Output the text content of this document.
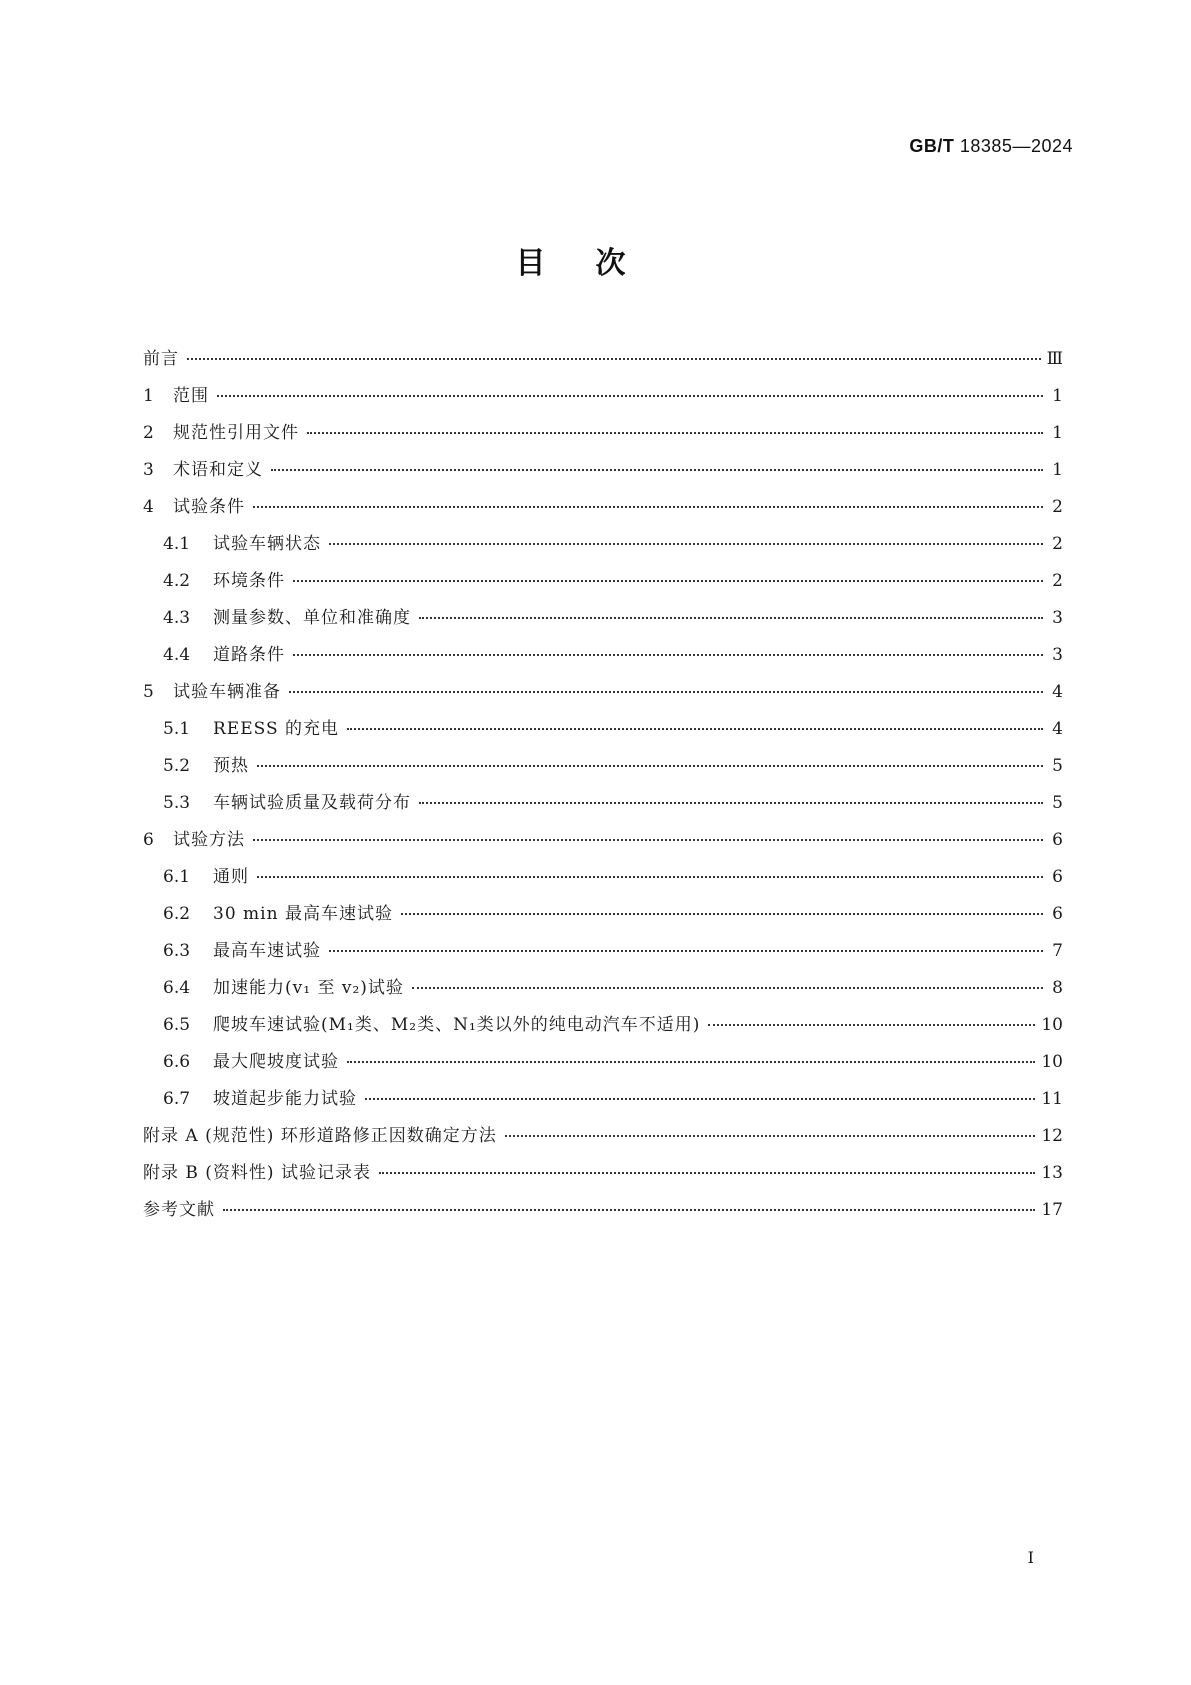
GB/T 18385—2024
目次
前言	Ⅲ
1	范围	1
2	规范性引用文件	1
3	术语和定义	1
4	试验条件	2
4.1	试验车辆状态	2
4.2	环境条件	2
4.3	测量参数、单位和准确度	3
4.4	道路条件	3
5	试验车辆准备	4
5.1	REESS 的充电	4
5.2	预热	5
5.3	车辆试验质量及载荷分布	5
6	试验方法	6
6.1	通则	6
6.2	30 min 最高车速试验	6
6.3	最高车速试验	7
6.4	加速能力(v₁ 至 v₂)试验	8
6.5	爬坡车速试验(M₁类、M₂类、N₁类以外的纯电动汽车不适用)	10
6.6	最大爬坡度试验	10
6.7	坡道起步能力试验	11
附录 A (规范性) 环形道路修正因数确定方法	12
附录 B (资料性) 试验记录表	13
参考文献	17
I
